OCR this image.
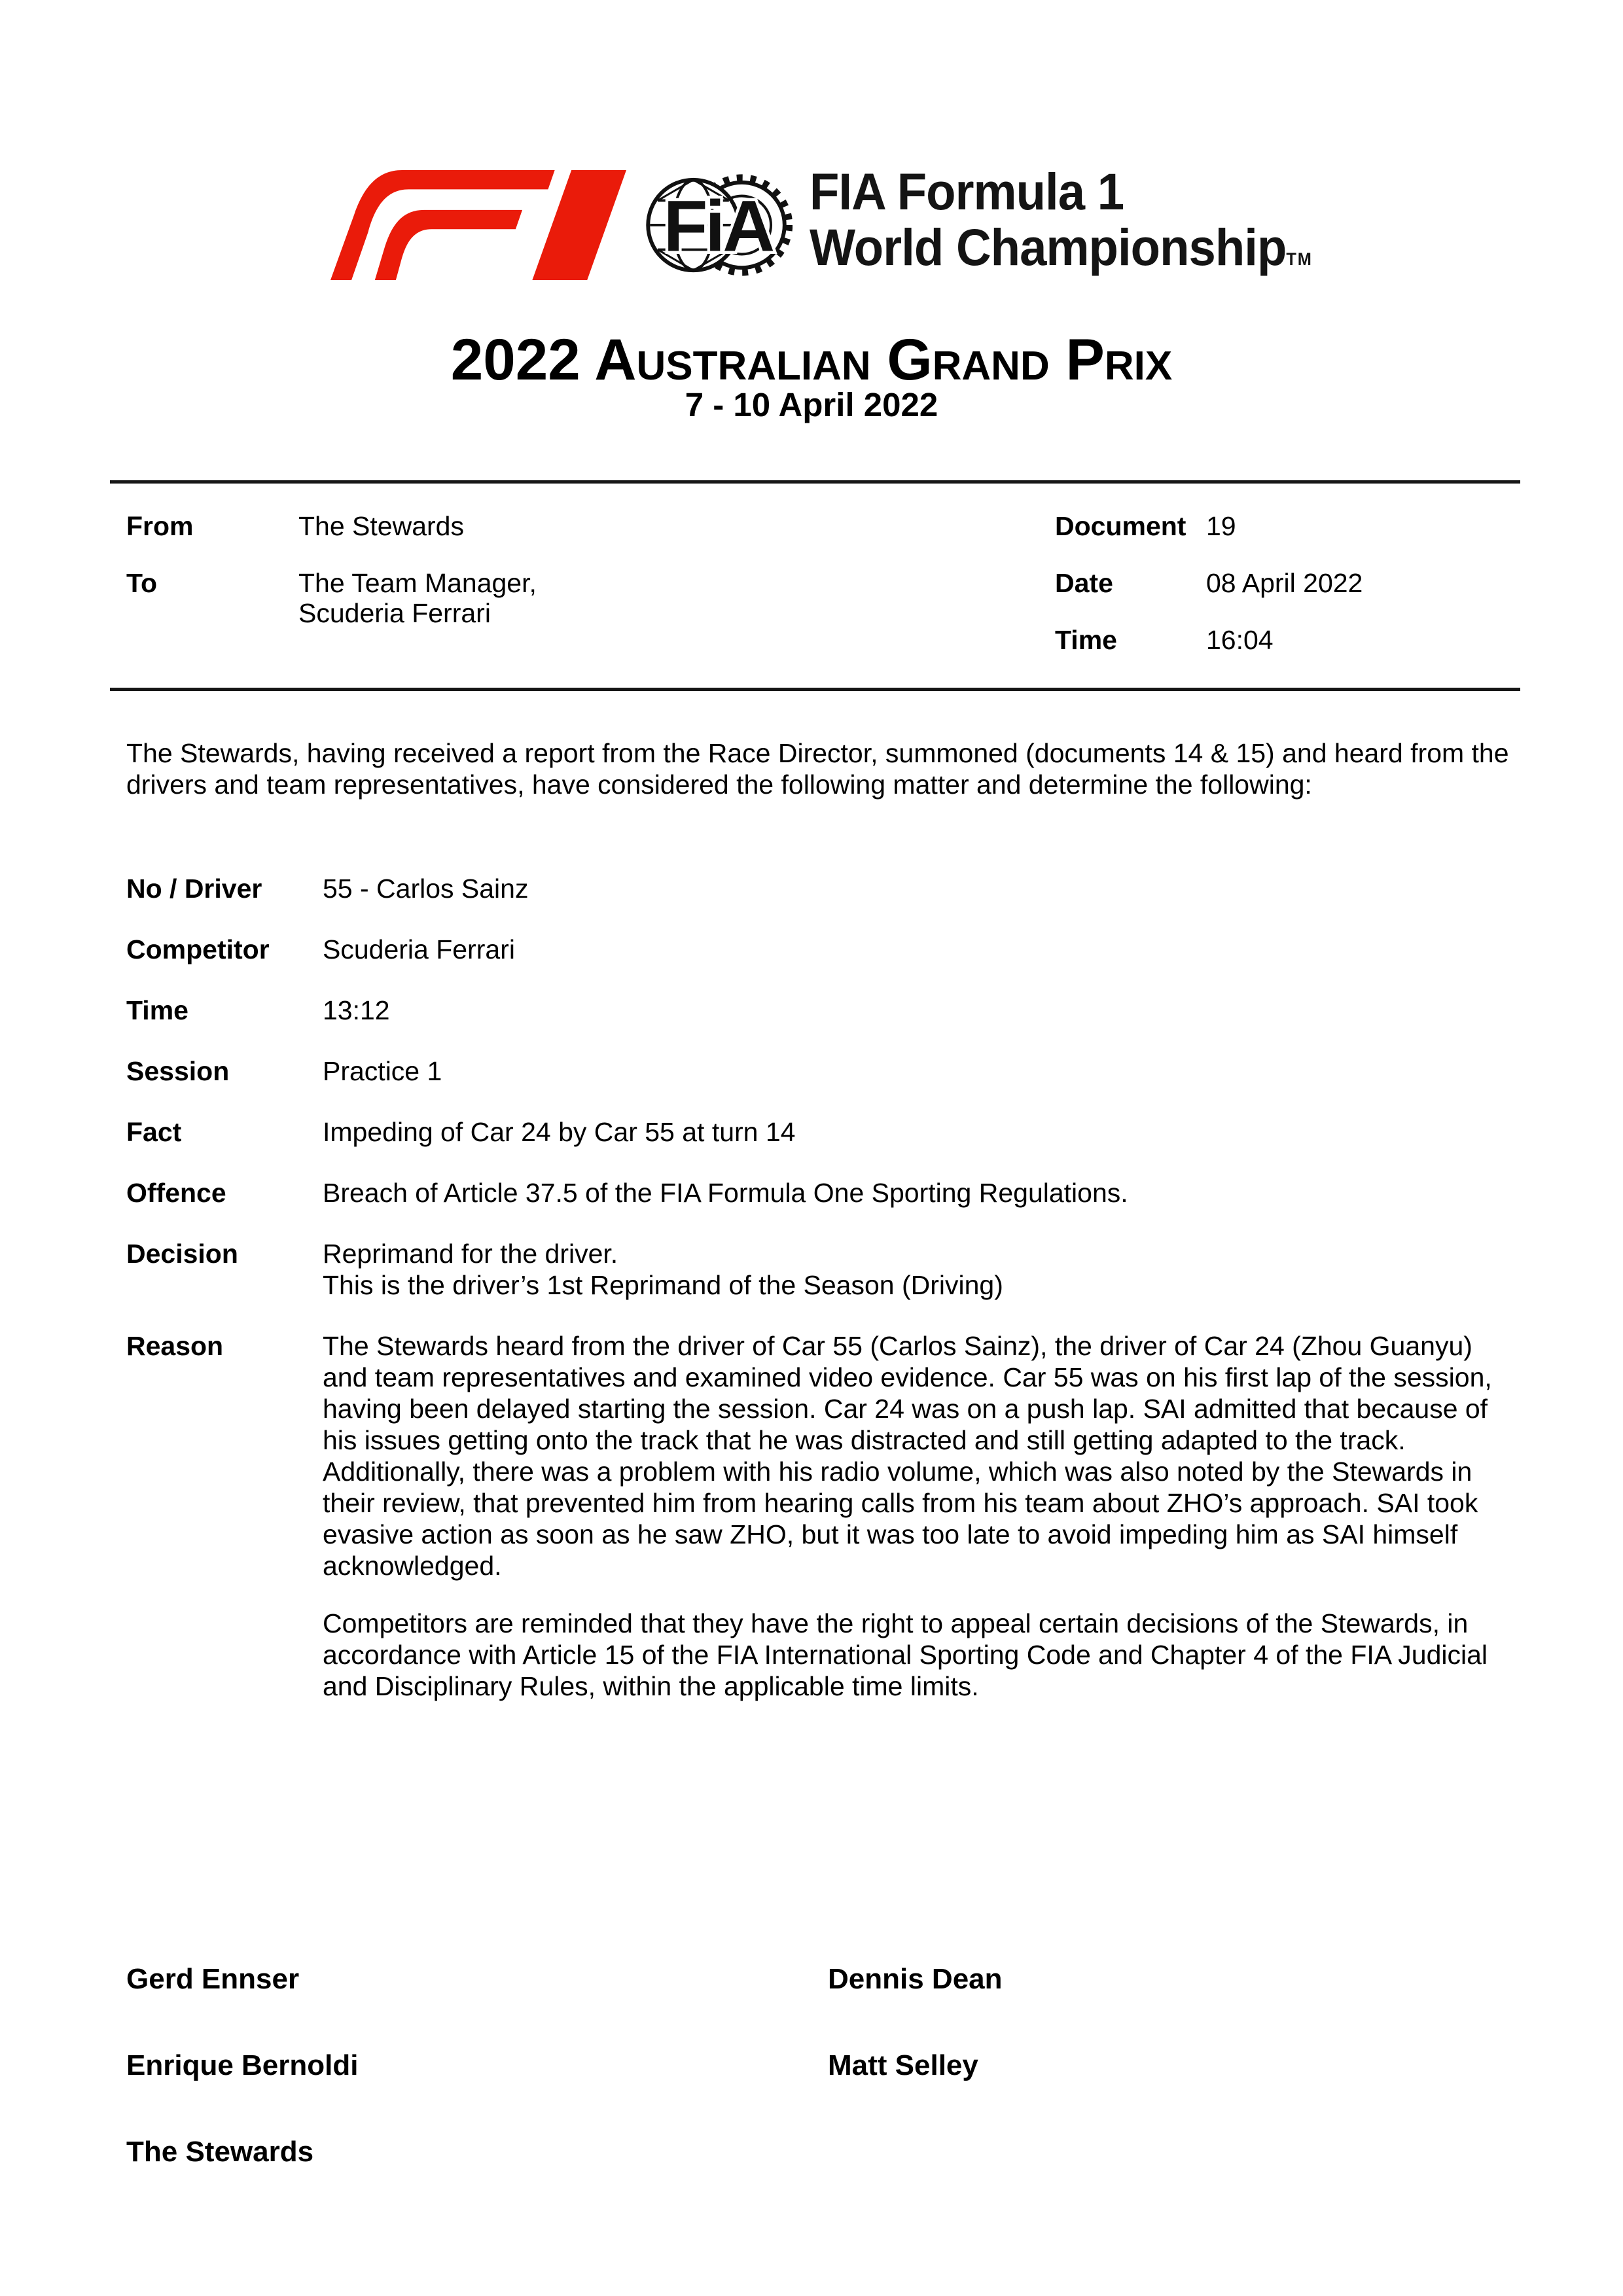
FiA FIA Formula 1
World ChampionshipTM
2022 Australian Grand Prix
7 - 10 April 2022
From	The Stewards
To	The Team Manager,
Scuderia Ferrari
Document 19
Date	08 April 2022
Time	16:04

The Stewards, having received a report from the Race Director, summoned (documents 14 & 15) and heard from the drivers and team representatives, have considered the following matter and determine the following:

No / Driver	55 - Carlos Sainz
Competitor	Scuderia Ferrari
Time	13:12
Session	Practice 1
Fact	Impeding of Car 24 by Car 55 at turn 14
Offence	Breach of Article 37.5 of the FIA Formula One Sporting Regulations.
Decision	Reprimand for the driver.
This is the driver’s 1st Reprimand of the Season (Driving)
Reason	The Stewards heard from the driver of Car 55 (Carlos Sainz), the driver of Car 24 (Zhou Guanyu) and team representatives and examined video evidence. Car 55 was on his first lap of the session, having been delayed starting the session. Car 24 was on a push lap. SAI admitted that because of his issues getting onto the track that he was distracted and still getting adapted to the track. Additionally, there was a problem with his radio volume, which was also noted by the Stewards in their review, that prevented him from hearing calls from his team about ZHO’s approach. SAI took evasive action as soon as he saw ZHO, but it was too late to avoid impeding him as SAI himself acknowledged.

Competitors are reminded that they have the right to appeal certain decisions of the Stewards, in accordance with Article 15 of the FIA International Sporting Code and Chapter 4 of the FIA Judicial and Disciplinary Rules, within the applicable time limits.

Gerd Ennser	Dennis Dean
Enrique Bernoldi	Matt Selley
The Stewards
